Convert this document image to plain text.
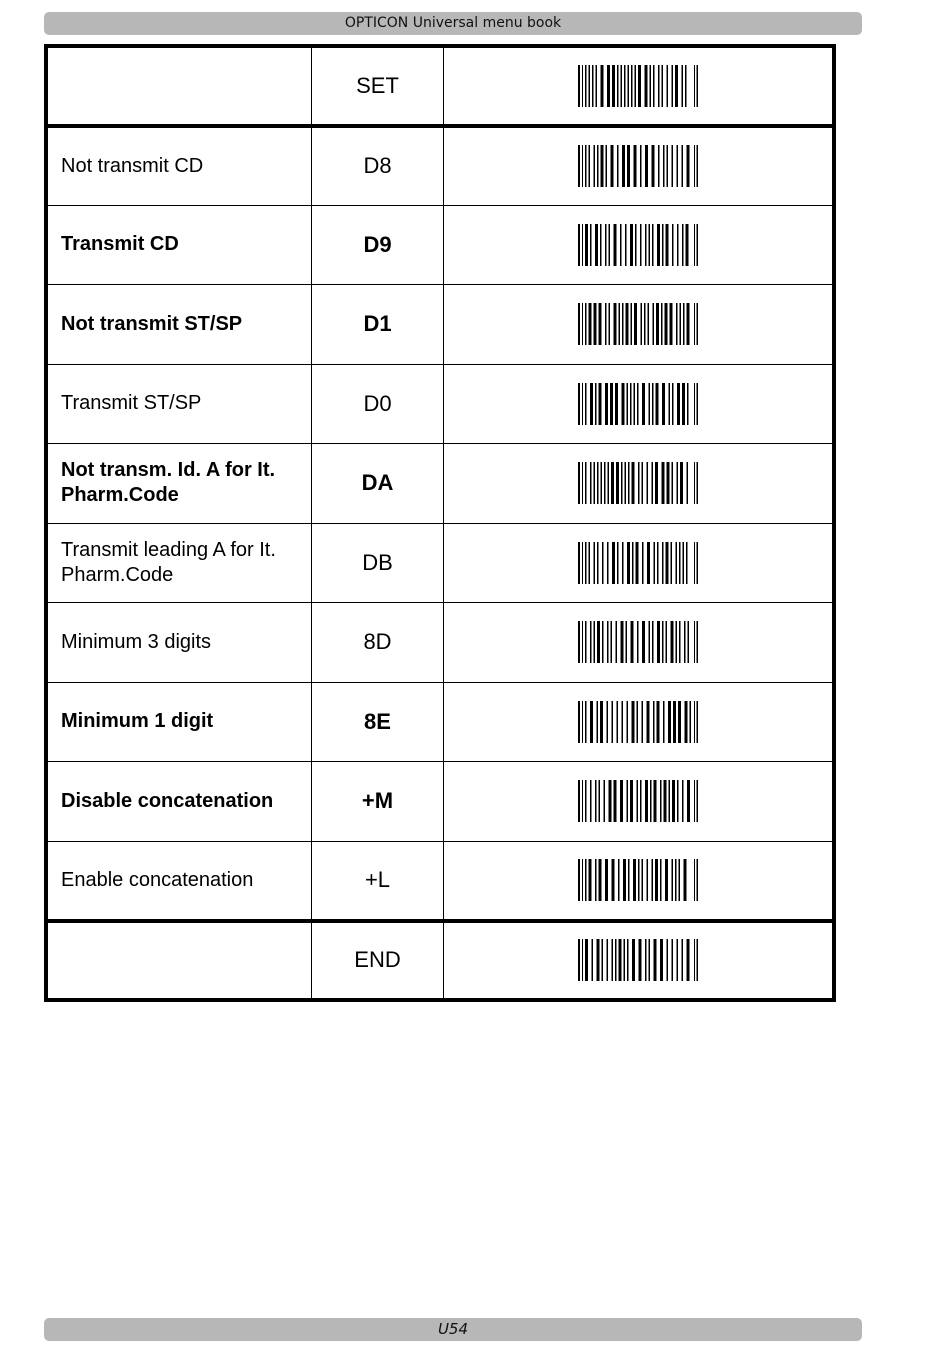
OPTICON Universal menu book
	SET	

Not transmit CD	D8	

Transmit CD	D9	

Not transmit ST/SP	D1	

Transmit ST/SP	D0	

Not transm. Id. A for It. Pharm.Code	DA	

Transmit leading A for It. Pharm.Code	DB	

Minimum 3 digits	8D	

Minimum 1 digit	8E	

Disable concatenation	+M	

Enable concatenation	+L	

	END	
U54
